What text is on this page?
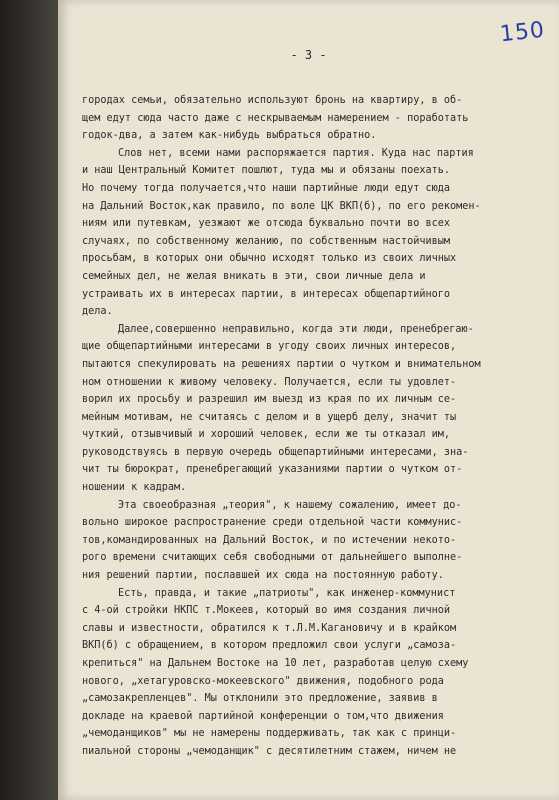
150
- 3 -
городах семьи, обязательно используют бронь на квартиру, в об-
щем едут сюда часто даже с нескрываемым намерением - поработать
годок-два, а затем как-нибудь выбраться обратно.
Слов нет, всеми нами распоряжается партия. Куда нас партия
и наш Центральный Комитет пошлют, туда мы и обязаны поехать.
Но почему тогда получается,что наши партийные люди едут сюда
на Дальний Восток,как правило, по воле ЦК ВКП(б), по его рекомен-
ниям или путевкам, уезжают же отсюда буквально почти во всех
случаях, по собственному желанию, по собственным настойчивым
просьбам, в которых они обычно исходят только из своих личных
семейных дел, не желая вникать в эти, свои личные дела и
устраивать их в интересах партии, в интересах общепартийного
дела.
Далее,совершенно неправильно, когда эти люди, пренебрегаю-
щие общепартийными интересами в угоду своих личных интересов,
пытаются спекулировать на решениях партии о чутком и внимательном
ном отношении к живому человеку. Получается, если ты удовлет-
ворил их просьбу и разрешил им выезд из края по их личным се-
мейным мотивам, не считаясь с делом и в ущерб делу, значит ты
чуткий, отзывчивый и хороший человек, если же ты отказал им,
руководствуясь в первую очередь общепартийными интересами, зна-
чит ты бюрократ, пренебрегающий указаниями партии о чутком от-
ношении к кадрам.
Эта своеобразная „теория", к нашему сожалению, имеет до-
вольно широкое распространение среди отдельной части коммунис-
тов,командированных на Дальний Восток, и по истечении некото-
рого времени считающих себя свободными от дальнейшего выполне-
ния решений партии, пославшей их сюда на постоянную работу.
Есть, правда, и такие „патриоты", как инженер-коммунист
с 4-ой стройки НКПС т.Мокеев, который во имя создания личной
славы и известности, обратился к т.Л.М.Кагановичу и в крайком
ВКП(б) с обращением, в котором предложил свои услуги „самоза-
крепиться" на Дальнем Востоке на 10 лет, разработав целую схему
нового, „хетагуровско-мокеевского" движения, подобного рода
„самозакрепленцев". Мы отклонили это предложение, заявив в
докладе на краевой партийной конференции о том,что движения
„чемоданщиков" мы не намерены поддерживать, так как с принци-
пиальной стороны „чемоданщик" с десятилетним стажем, ничем не
